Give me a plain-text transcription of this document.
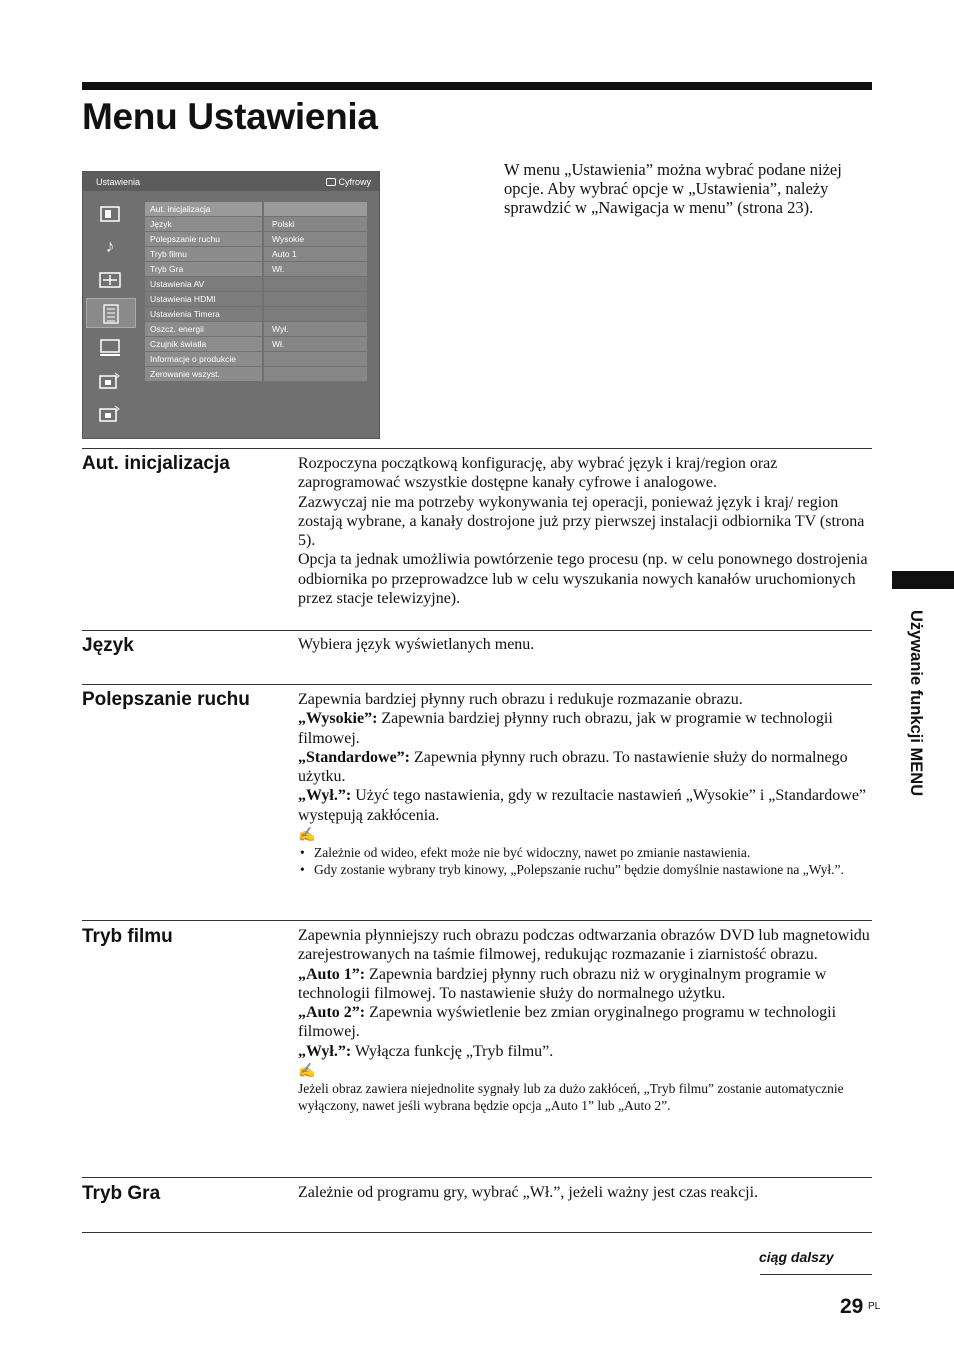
Menu Ustawienia
Ustawienia	Cyfrowy
♪
Aut. inicjalizacja
Język	Polski
Polepszanie ruchu	Wysokie
Tryb filmu	Auto 1
Tryb Gra	Wł.
Ustawienia AV
Ustawienia HDMI
Ustawienia Timera
Oszcz. energii	Wył.
Czujnik światła	Wł.
Informacje o produkcie
Zerowanie wszyst.
W menu „Ustawienia” można wybrać podane niżej opcje. Aby wybrać opcje w „Ustawienia”, należy sprawdzić w „Nawigacja w menu” (strona 23).
Aut. inicjalizacja	Rozpoczyna początkową konfigurację, aby wybrać język i kraj/region oraz zaprogramować wszystkie dostępne kanały cyfrowe i analogowe.

Zazwyczaj nie ma potrzeby wykonywania tej operacji, ponieważ język i kraj/ region zostają wybrane, a kanały dostrojone już przy pierwszej instalacji odbiornika TV (strona 5).

Opcja ta jednak umożliwia powtórzenie tego procesu (np. w celu ponownego dostrojenia odbiornika po przeprowadzce lub w celu wyszukania nowych kanałów uruchomionych przez stacje telewizyjne).

Język	Wybiera język wyświetlanych menu.

Polepszanie ruchu	Zapewnia bardziej płynny ruch obrazu i redukuje rozmazanie obrazu.

„Wysokie”: Zapewnia bardziej płynny ruch obrazu, jak w programie w technologii filmowej.

„Standardowe”: Zapewnia płynny ruch obrazu. To nastawienie służy do normalnego użytku.

„Wył.”: Użyć tego nastawienia, gdy w rezultacie nastawień „Wysokie” i „Standardowe” występują zakłócenia.

✍
• Zależnie od wideo, efekt może nie być widoczny, nawet po zmianie nastawienia.
• Gdy zostanie wybrany tryb kinowy, „Polepszanie ruchu” będzie domyślnie nastawione na „Wył.”.
Tryb filmu	Zapewnia płynniejszy ruch obrazu podczas odtwarzania obrazów DVD lub magnetowidu zarejestrowanych na taśmie filmowej, redukując rozmazanie i ziarnistość obrazu.

„Auto 1”: Zapewnia bardziej płynny ruch obrazu niż w oryginalnym programie w technologii filmowej. To nastawienie służy do normalnego użytku.

„Auto 2”: Zapewnia wyświetlenie bez zmian oryginalnego programu w technologii filmowej.

„Wył.”: Wyłącza funkcję „Tryb filmu”.

✍

Jeżeli obraz zawiera niejednolite sygnały lub za dużo zakłóceń, „Tryb filmu” zostanie automatycznie wyłączony, nawet jeśli wybrana będzie opcja „Auto 1” lub „Auto 2”.

Tryb Gra	Zależnie od programu gry, wybrać „Wł.”, jeżeli ważny jest czas reakcji.

Używanie funkcji MENU
ciąg dalszy
29 PL
